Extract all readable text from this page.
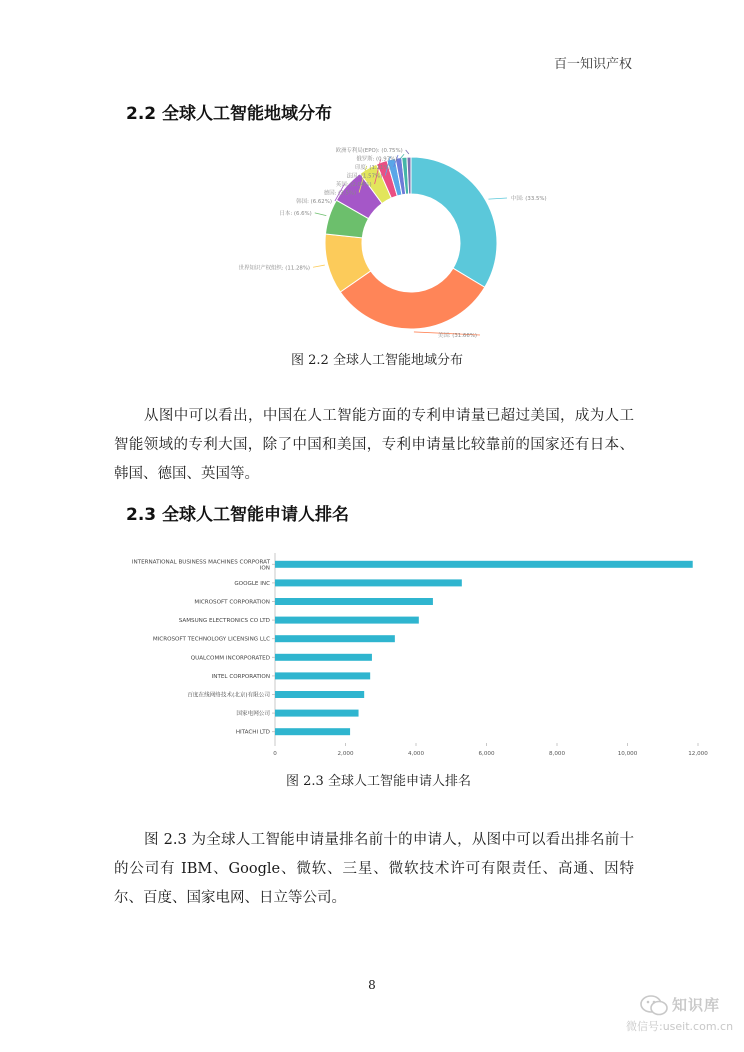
百一知识产权
2.2 全球人工智能地域分布
中国: (33.5%)
美国: (31.66%)
世界知识产权组织: (11.28%)
日本: (6.6%)
韩国: (6.62%)
德国: (3.5%)
英国: (2.04%)
法国: (1.57%)
印度: (1.21%)
俄罗斯: (0.97%)
欧洲专利局(EPO): (0.75%)
图 2.2 全球人工智能地域分布
从图中可以看出，中国在人工智能方面的专利申请量已超过美国，成为人工智能领域的专利大国，除了中国和美国，专利申请量比较靠前的国家还有日本、韩国、德国、英国等。
2.3 全球人工智能申请人排名
INTERNATIONAL BUSINESS MACHINES CORPORAT ION
GOOGLE INC
MICROSOFT CORPORATION
SAMSUNG ELECTRONICS CO LTD
MICROSOFT TECHNOLOGY LICENSING LLC
QUALCOMM INCORPORATED
INTEL CORPORATION
百度在线网络技术(北京)有限公司
国家电网公司
HITACHI LTD
0	2,000	4,000	6,000	8,000	10,000	12,000
图 2.3 全球人工智能申请人排名
图 2.3 为全球人工智能申请量排名前十的申请人，从图中可以看出排名前十的公司有 IBM、Google、微软、三星、微软技术许可有限责任、高通、因特尔、百度、国家电网、日立等公司。
8
知识库
微信号:useit.com.cn
